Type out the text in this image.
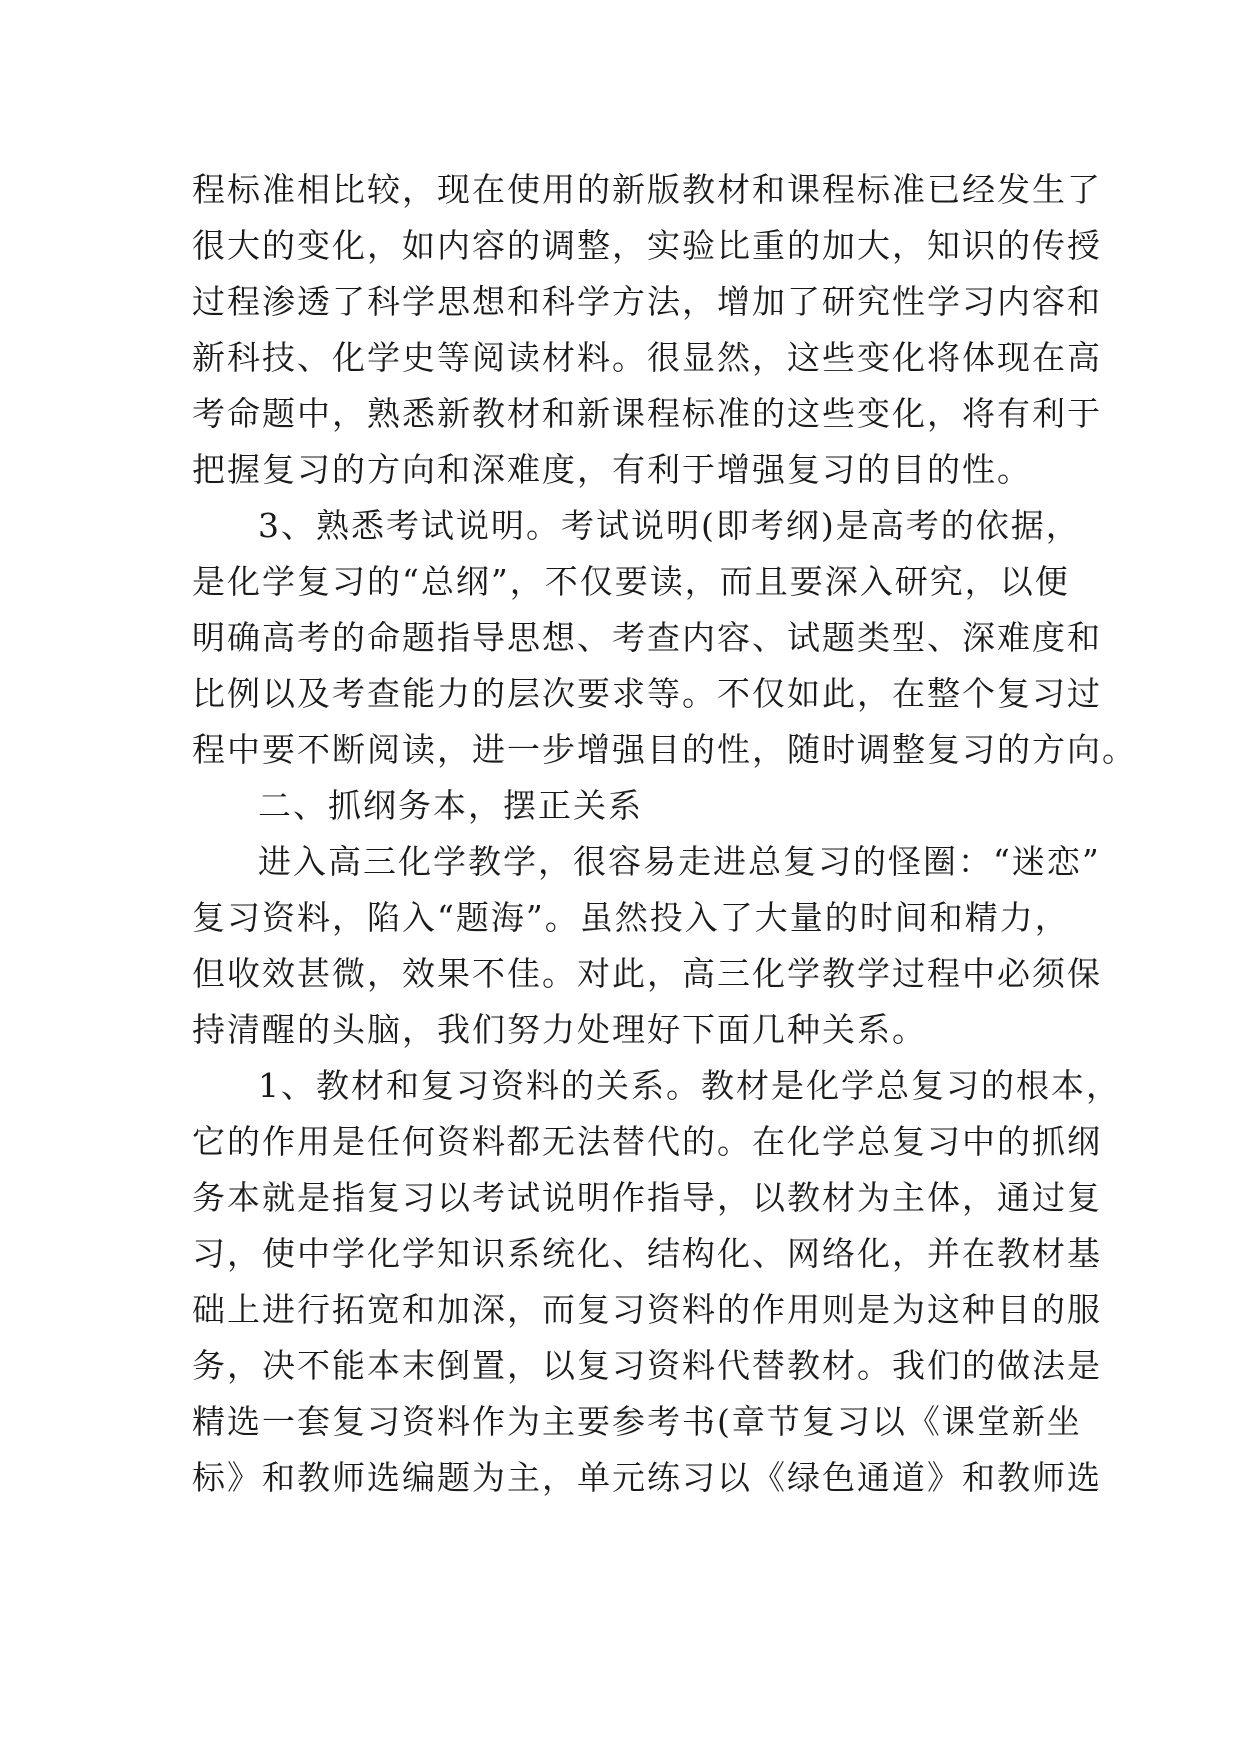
程标准相比较，现在使用的新版教材和课程标准已经发生了
很大的变化，如内容的调整，实验比重的加大，知识的传授
过程渗透了科学思想和科学方法，增加了研究性学习内容和
新科技、化学史等阅读材料。很显然，这些变化将体现在高
考命题中，熟悉新教材和新课程标准的这些变化，将有利于
把握复习的方向和深难度，有利于增强复习的目的性。
3、熟悉考试说明。考试说明(即考纲)是高考的依据，
是化学复习的“总纲”，不仅要读，而且要深入研究，以便
明确高考的命题指导思想、考查内容、试题类型、深难度和
比例以及考查能力的层次要求等。不仅如此，在整个复习过
程中要不断阅读，进一步增强目的性，随时调整复习的方向。
二、抓纲务本，摆正关系
进入高三化学教学，很容易走进总复习的怪圈：“迷恋”
复习资料，陷入“题海”。虽然投入了大量的时间和精力，
但收效甚微，效果不佳。对此，高三化学教学过程中必须保
持清醒的头脑，我们努力处理好下面几种关系。
1、教材和复习资料的关系。教材是化学总复习的根本，
它的作用是任何资料都无法替代的。在化学总复习中的抓纲
务本就是指复习以考试说明作指导，以教材为主体，通过复
习，使中学化学知识系统化、结构化、网络化，并在教材基
础上进行拓宽和加深，而复习资料的作用则是为这种目的服
务，决不能本末倒置，以复习资料代替教材。我们的做法是
精选一套复习资料作为主要参考书(章节复习以《课堂新坐
标》和教师选编题为主，单元练习以《绿色通道》和教师选
